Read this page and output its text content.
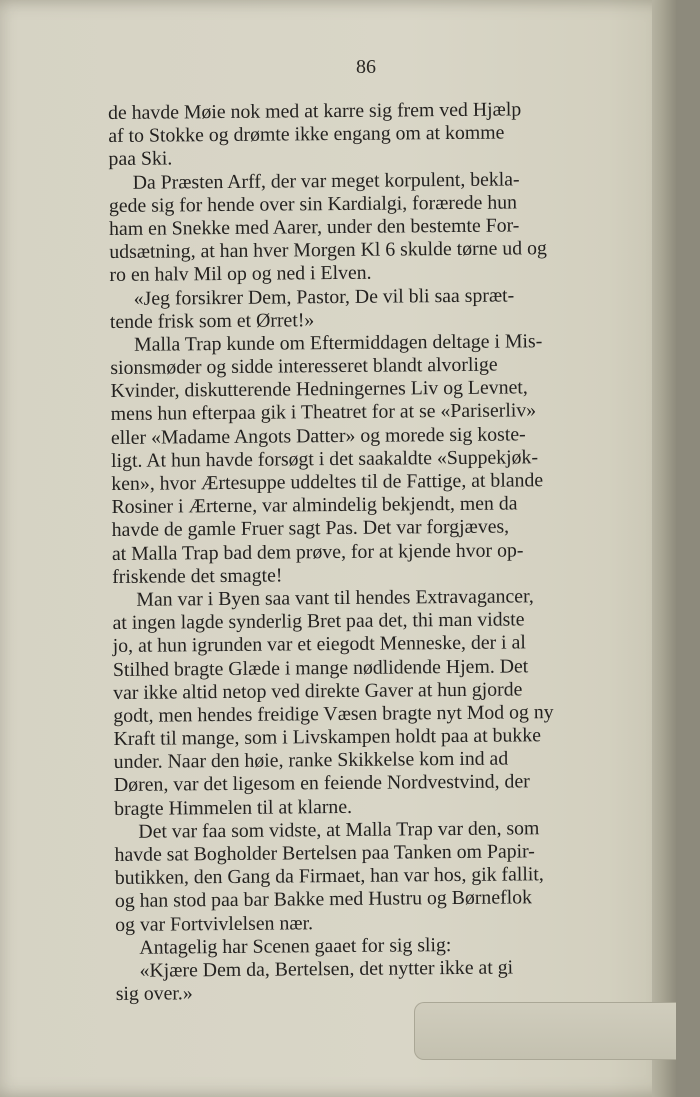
86
de havde Møie nok med at karre sig frem ved Hjælp
af to Stokke og drømte ikke engang om at komme
paa Ski.
Da Præsten Arff, der var meget korpulent, bekla-
gede sig for hende over sin Kardialgi, forærede hun
ham en Snekke med Aarer, under den bestemte For-
udsætning, at han hver Morgen Kl 6 skulde tørne ud og
ro en halv Mil op og ned i Elven.
«Jeg forsikrer Dem, Pastor, De vil bli saa spræt-
tende frisk som et Ørret!»
Malla Trap kunde om Eftermiddagen deltage i Mis-
sionsmøder og sidde interesseret blandt alvorlige
Kvinder, diskutterende Hedningernes Liv og Levnet,
mens hun efterpaa gik i Theatret for at se «Pariserliv»
eller «Madame Angots Datter» og morede sig koste-
ligt. At hun havde forsøgt i det saakaldte «Suppekjøk-
ken», hvor Ærtesuppe uddeltes til de Fattige, at blande
Rosiner i Ærterne, var almindelig bekjendt, men da
havde de gamle Fruer sagt Pas. Det var forgjæves,
at Malla Trap bad dem prøve, for at kjende hvor op-
friskende det smagte!
Man var i Byen saa vant til hendes Extravagancer,
at ingen lagde synderlig Bret paa det, thi man vidste
jo, at hun igrunden var et eiegodt Menneske, der i al
Stilhed bragte Glæde i mange nødlidende Hjem. Det
var ikke altid netop ved direkte Gaver at hun gjorde
godt, men hendes freidige Væsen bragte nyt Mod og ny
Kraft til mange, som i Livskampen holdt paa at bukke
under. Naar den høie, ranke Skikkelse kom ind ad
Døren, var det ligesom en feiende Nordvestvind, der
bragte Himmelen til at klarne.
Det var faa som vidste, at Malla Trap var den, som
havde sat Bogholder Bertelsen paa Tanken om Papir-
butikken, den Gang da Firmaet, han var hos, gik fallit,
og han stod paa bar Bakke med Hustru og Børneflok
og var Fortvivlelsen nær.
Antagelig har Scenen gaaet for sig slig:
«Kjære Dem da, Bertelsen, det nytter ikke at gi
sig over.»
